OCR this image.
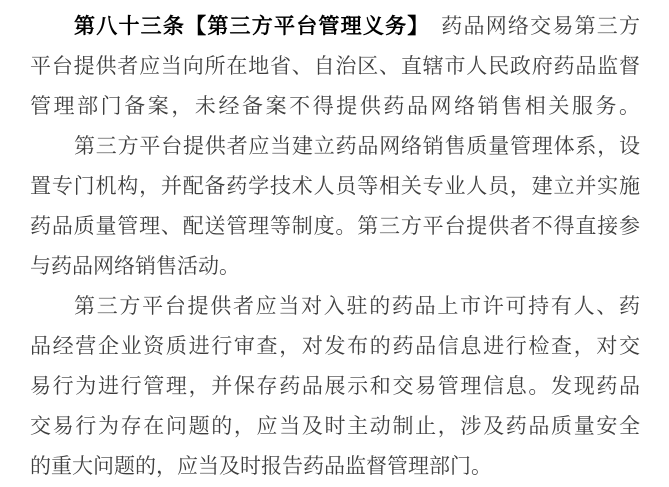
第八十三条【第三方平台管理义务】　药品网络交易第三方
平台提供者应当向所在地省、自治区、直辖市人民政府药品监督
管理部门备案，未经备案不得提供药品网络销售相关服务。
第三方平台提供者应当建立药品网络销售质量管理体系，设
置专门机构，并配备药学技术人员等相关专业人员，建立并实施
药品质量管理、配送管理等制度。第三方平台提供者不得直接参
与药品网络销售活动。
第三方平台提供者应当对入驻的药品上市许可持有人、药
品经营企业资质进行审查，对发布的药品信息进行检查，对交
易行为进行管理，并保存药品展示和交易管理信息。发现药品
交易行为存在问题的，应当及时主动制止，涉及药品质量安全
的重大问题的，应当及时报告药品监督管理部门。
